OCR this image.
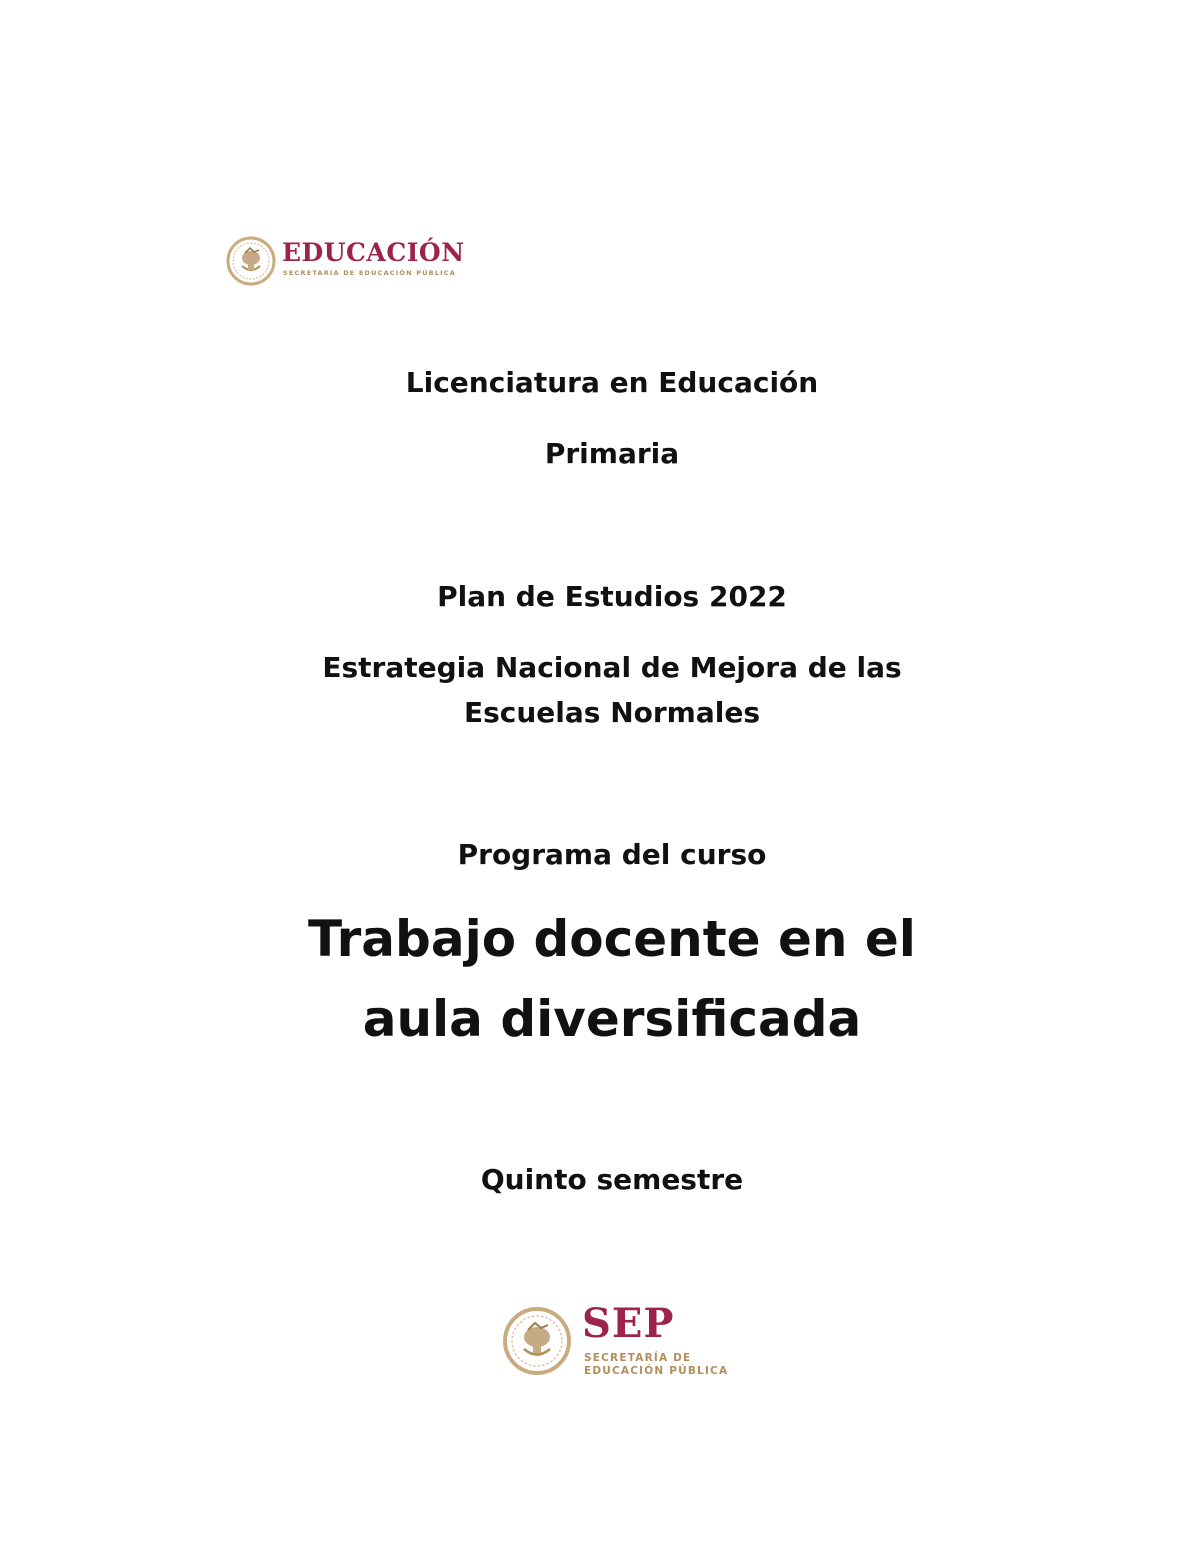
EDUCACIÓN
SECRETARÍA DE EDUCACIÓN PÚBLICA

Licenciatura en Educación

Primaria

Plan de Estudios 2022

Estrategia Nacional de Mejora de las

Escuelas Normales

Programa del curso

Trabajo docente en el
aula diversificada

Quinto semestre

SEP
SECRETARÍA DE
EDUCACIÓN PÚBLICA
